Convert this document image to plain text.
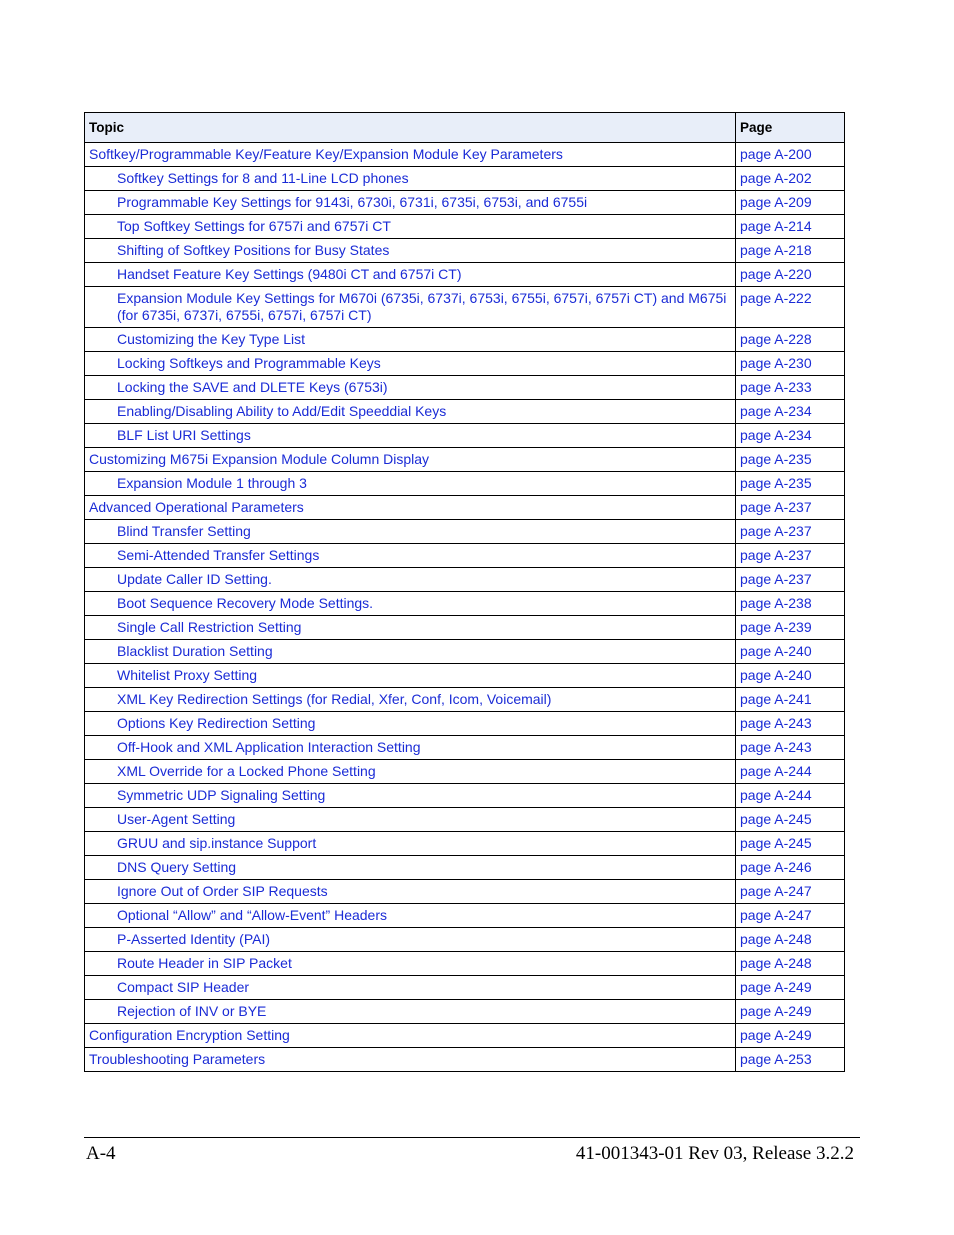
Topic	Page
Softkey/Programmable Key/Feature Key/Expansion Module Key Parameters	page A-200
Softkey Settings for 8 and 11-Line LCD phones	page A-202
Programmable Key Settings for 9143i, 6730i, 6731i, 6735i, 6753i, and 6755i	page A-209
Top Softkey Settings for 6757i and 6757i CT	page A-214
Shifting of Softkey Positions for Busy States	page A-218
Handset Feature Key Settings (9480i CT and 6757i CT)	page A-220
Expansion Module Key Settings for M670i (6735i, 6737i, 6753i, 6755i, 6757i, 6757i CT) and M675i (for 6735i, 6737i, 6755i, 6757i, 6757i CT)	page A-222
Customizing the Key Type List	page A-228
Locking Softkeys and Programmable Keys	page A-230
Locking the SAVE and DLETE Keys (6753i)	page A-233
Enabling/Disabling Ability to Add/Edit Speeddial Keys	page A-234
BLF List URI Settings	page A-234
Customizing M675i Expansion Module Column Display	page A-235
Expansion Module 1 through 3	page A-235
Advanced Operational Parameters	page A-237
Blind Transfer Setting	page A-237
Semi-Attended Transfer Settings	page A-237
Update Caller ID Setting.	page A-237
Boot Sequence Recovery Mode Settings.	page A-238
Single Call Restriction Setting	page A-239
Blacklist Duration Setting	page A-240
Whitelist Proxy Setting	page A-240
XML Key Redirection Settings (for Redial, Xfer, Conf, Icom, Voicemail)	page A-241
Options Key Redirection Setting	page A-243
Off-Hook and XML Application Interaction Setting	page A-243
XML Override for a Locked Phone Setting	page A-244
Symmetric UDP Signaling Setting	page A-244
User-Agent Setting	page A-245
GRUU and sip.instance Support	page A-245
DNS Query Setting	page A-246
Ignore Out of Order SIP Requests	page A-247
Optional “Allow” and “Allow-Event” Headers	page A-247
P-Asserted Identity (PAI)	page A-248
Route Header in SIP Packet	page A-248
Compact SIP Header	page A-249
Rejection of INV or BYE	page A-249
Configuration Encryption Setting	page A-249
Troubleshooting Parameters	page A-253
A-4	41-001343-01 Rev 03, Release 3.2.2
